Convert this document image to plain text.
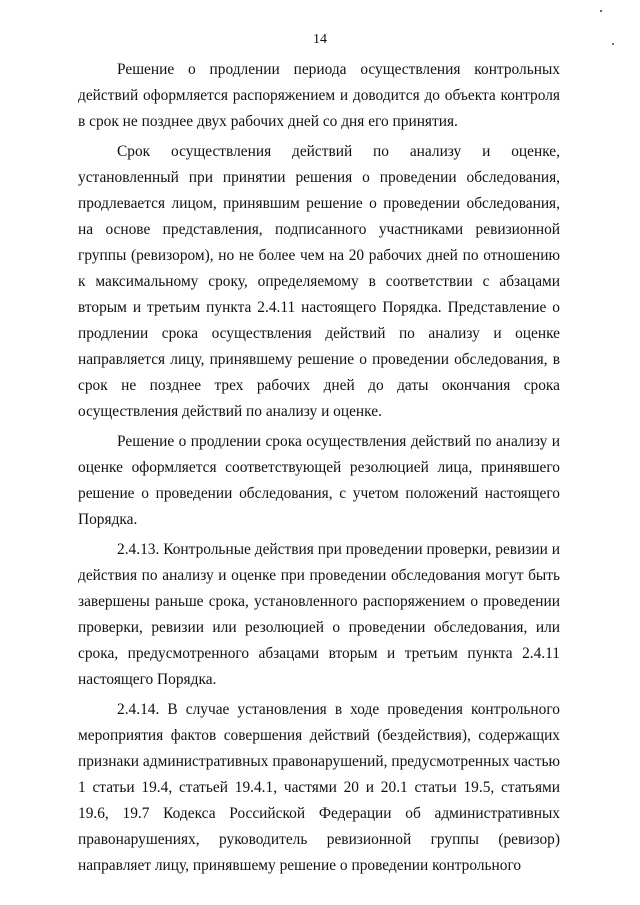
14

Решение о продлении периода осуществления контрольных действий оформляется распоряжением и доводится до объекта контроля в срок не позднее двух рабочих дней со дня его принятия.

Срок осуществления действий по анализу и оценке, установленный при принятии решения о проведении обследования, продлевается лицом, принявшим решение о проведении обследования, на основе представления, подписанного участниками ревизионной группы (ревизором), но не более чем на 20 рабочих дней по отношению к максимальному сроку, определяемому в соответствии с абзацами вторым и третьим пункта 2.4.11 настоящего Порядка. Представление о продлении срока осуществления действий по анализу и оценке направляется лицу, принявшему решение о проведении обследования, в срок не позднее трех рабочих дней до даты окончания срока осуществления действий по анализу и оценке.

Решение о продлении срока осуществления действий по анализу и оценке оформляется соответствующей резолюцией лица, принявшего решение о проведении обследования, с учетом положений настоящего Порядка.

2.4.13. Контрольные действия при проведении проверки, ревизии и действия по анализу и оценке при проведении обследования могут быть завершены раньше срока, установленного распоряжением о проведении проверки, ревизии или резолюцией о проведении обследования, или срока, предусмотренного абзацами вторым и третьим пункта 2.4.11 настоящего Порядка.

2.4.14. В случае установления в ходе проведения контрольного мероприятия фактов совершения действий (бездействия), содержащих признаки административных правонарушений, предусмотренных частью 1 статьи 19.4, статьей 19.4.1, частями 20 и 20.1 статьи 19.5, статьями 19.6, 19.7 Кодекса Российской Федерации об административных правонарушениях, руководитель ревизионной группы (ревизор) направляет лицу, принявшему решение о проведении контрольного
